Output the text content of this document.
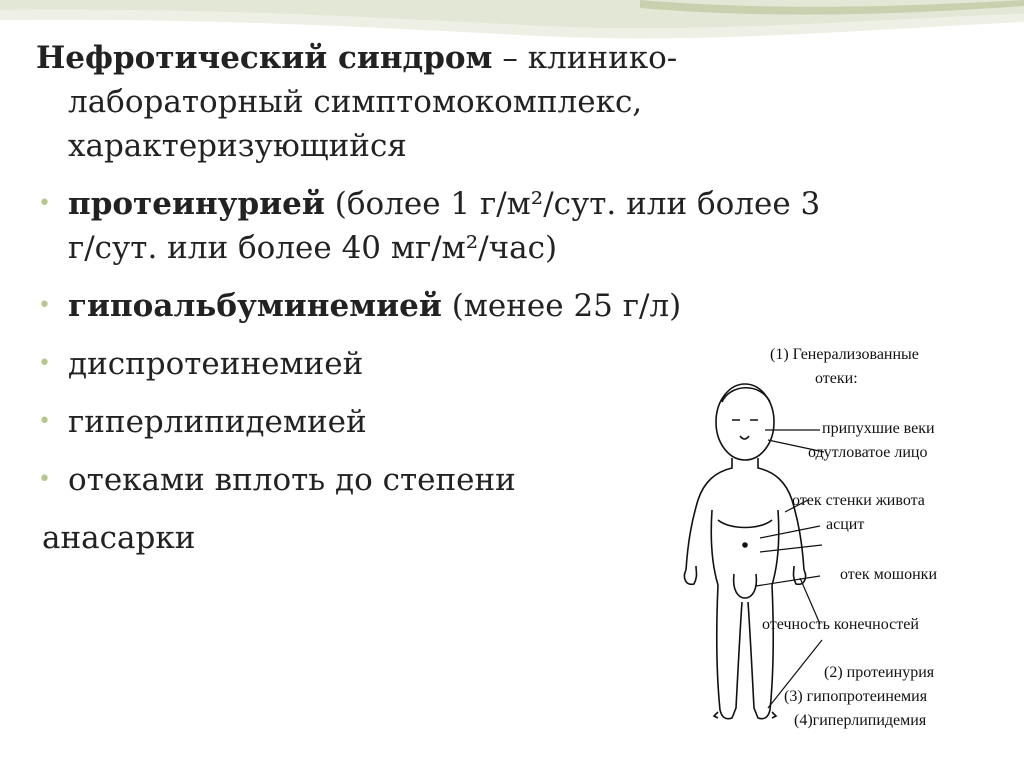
Нефротический синдром – клинико-
лабораторный симптомокомплекс,
характеризующийся
• протеинурией (более 1 г/м²/сут. или более 3
г/сут. или более 40 мг/м²/час)
• гипоальбуминемией (менее 25 г/л)
• диспротеинемией
• гиперлипидемией
• отеками вплоть до степени
анасарки
(1) Генерализованные
отеки:
припухшие веки
одутловатое лицо
отек стенки живота
асцит
отек мошонки
отечность конечностей
(2) протеинурия
(3) гипопротеинемия
(4)гиперлипидемия
